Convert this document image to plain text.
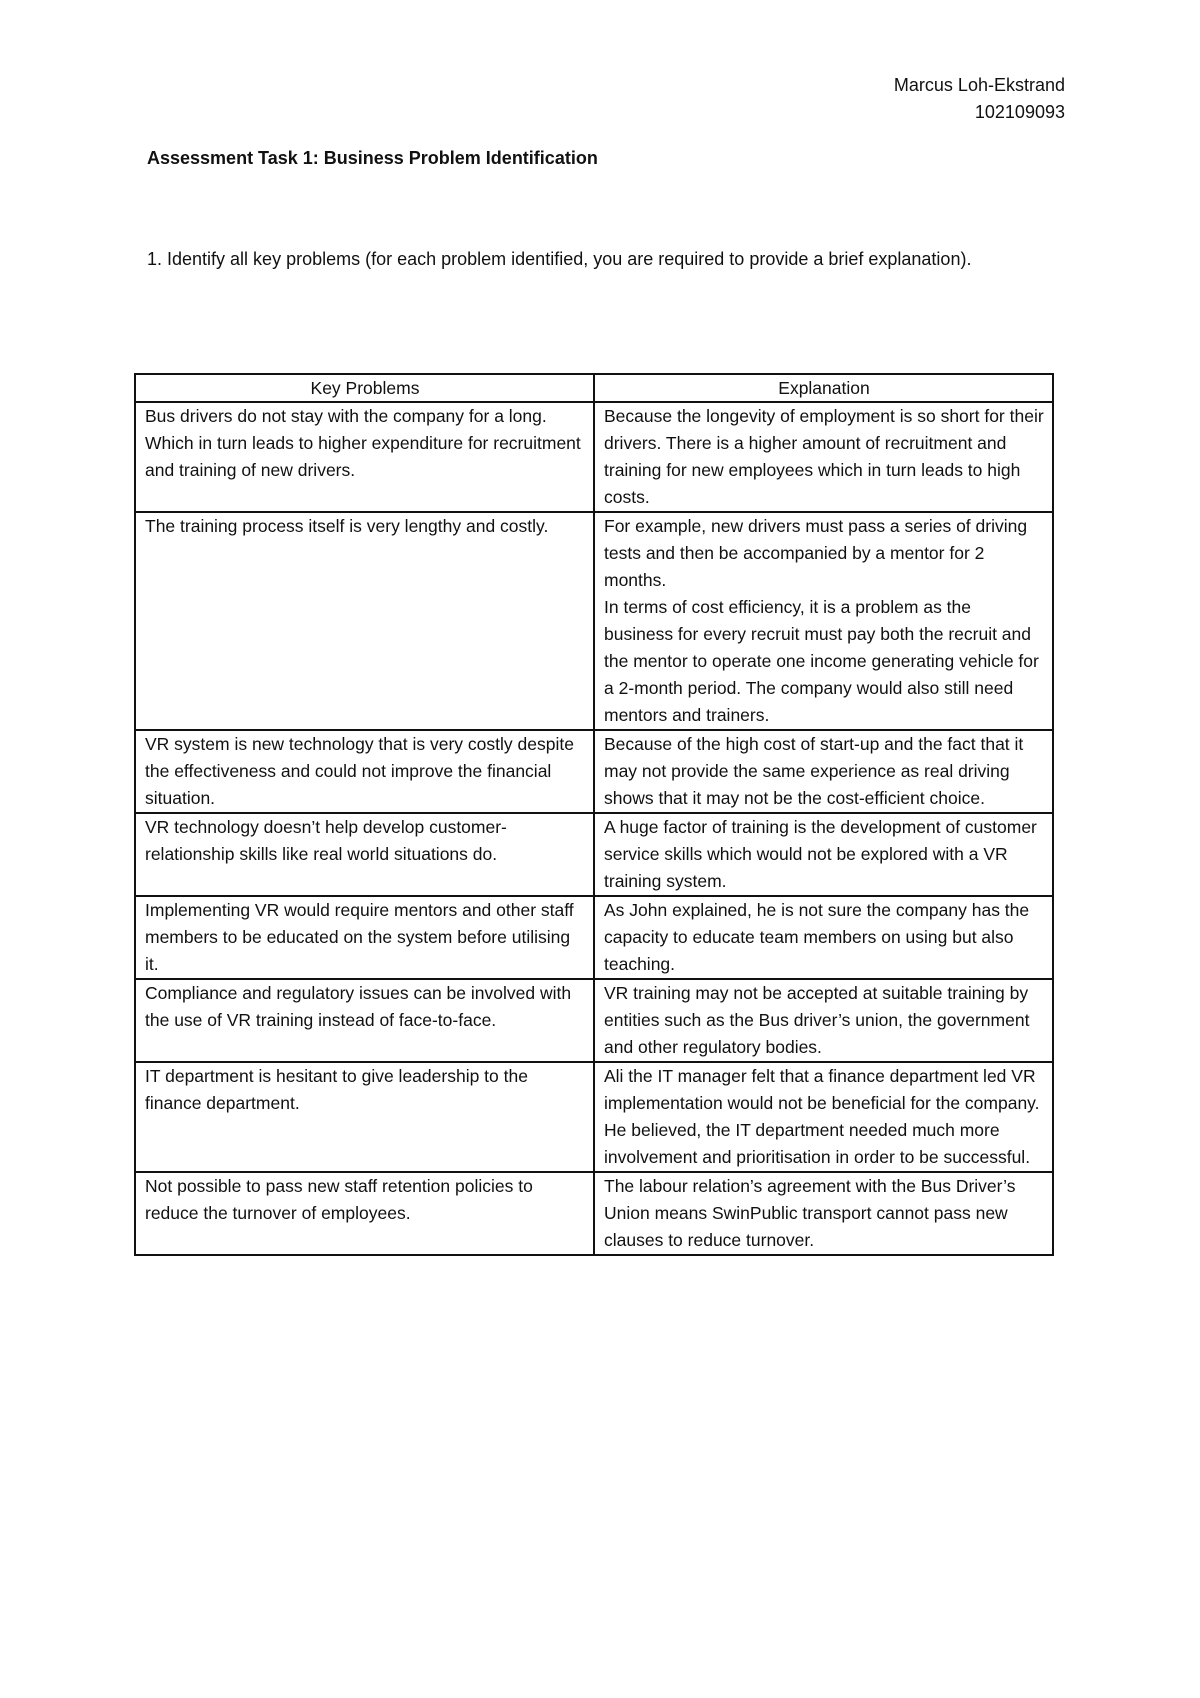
Marcus Loh-Ekstrand
102109093
Assessment Task 1: Business Problem Identification
1. Identify all key problems (for each problem identified, you are required to provide a brief explanation).
Key Problems	Explanation

Bus drivers do not stay with the company for a long. Which in turn leads to higher expenditure for recruitment and training of new drivers.	Because the longevity of employment is so short for their drivers. There is a higher amount of recruitment and training for new employees which in turn leads to high costs.

The training process itself is very lengthy and costly.	For example, new drivers must pass a series of driving tests and then be accompanied by a mentor for 2 months.
In terms of cost efficiency, it is a problem as the business for every recruit must pay both the recruit and the mentor to operate one income generating vehicle for a 2-month period. The company would also still need mentors and trainers.

VR system is new technology that is very costly despite the effectiveness and could not improve the financial situation.	Because of the high cost of start-up and the fact that it may not provide the same experience as real driving shows that it may not be the cost-efficient choice.

VR technology doesn’t help develop customer-relationship skills like real world situations do.	A huge factor of training is the development of customer service skills which would not be explored with a VR training system.

Implementing VR would require mentors and other staff members to be educated on the system before utilising it.	As John explained, he is not sure the company has the capacity to educate team members on using but also teaching.

Compliance and regulatory issues can be involved with the use of VR training instead of face-to-face.	VR training may not be accepted at suitable training by entities such as the Bus driver’s union, the government and other regulatory bodies.

IT department is hesitant to give leadership to the finance department.	Ali the IT manager felt that a finance department led VR implementation would not be beneficial for the company. He believed, the IT department needed much more involvement and prioritisation in order to be successful.

Not possible to pass new staff retention policies to reduce the turnover of employees.	The labour relation’s agreement with the Bus Driver’s Union means SwinPublic transport cannot pass new clauses to reduce turnover.
